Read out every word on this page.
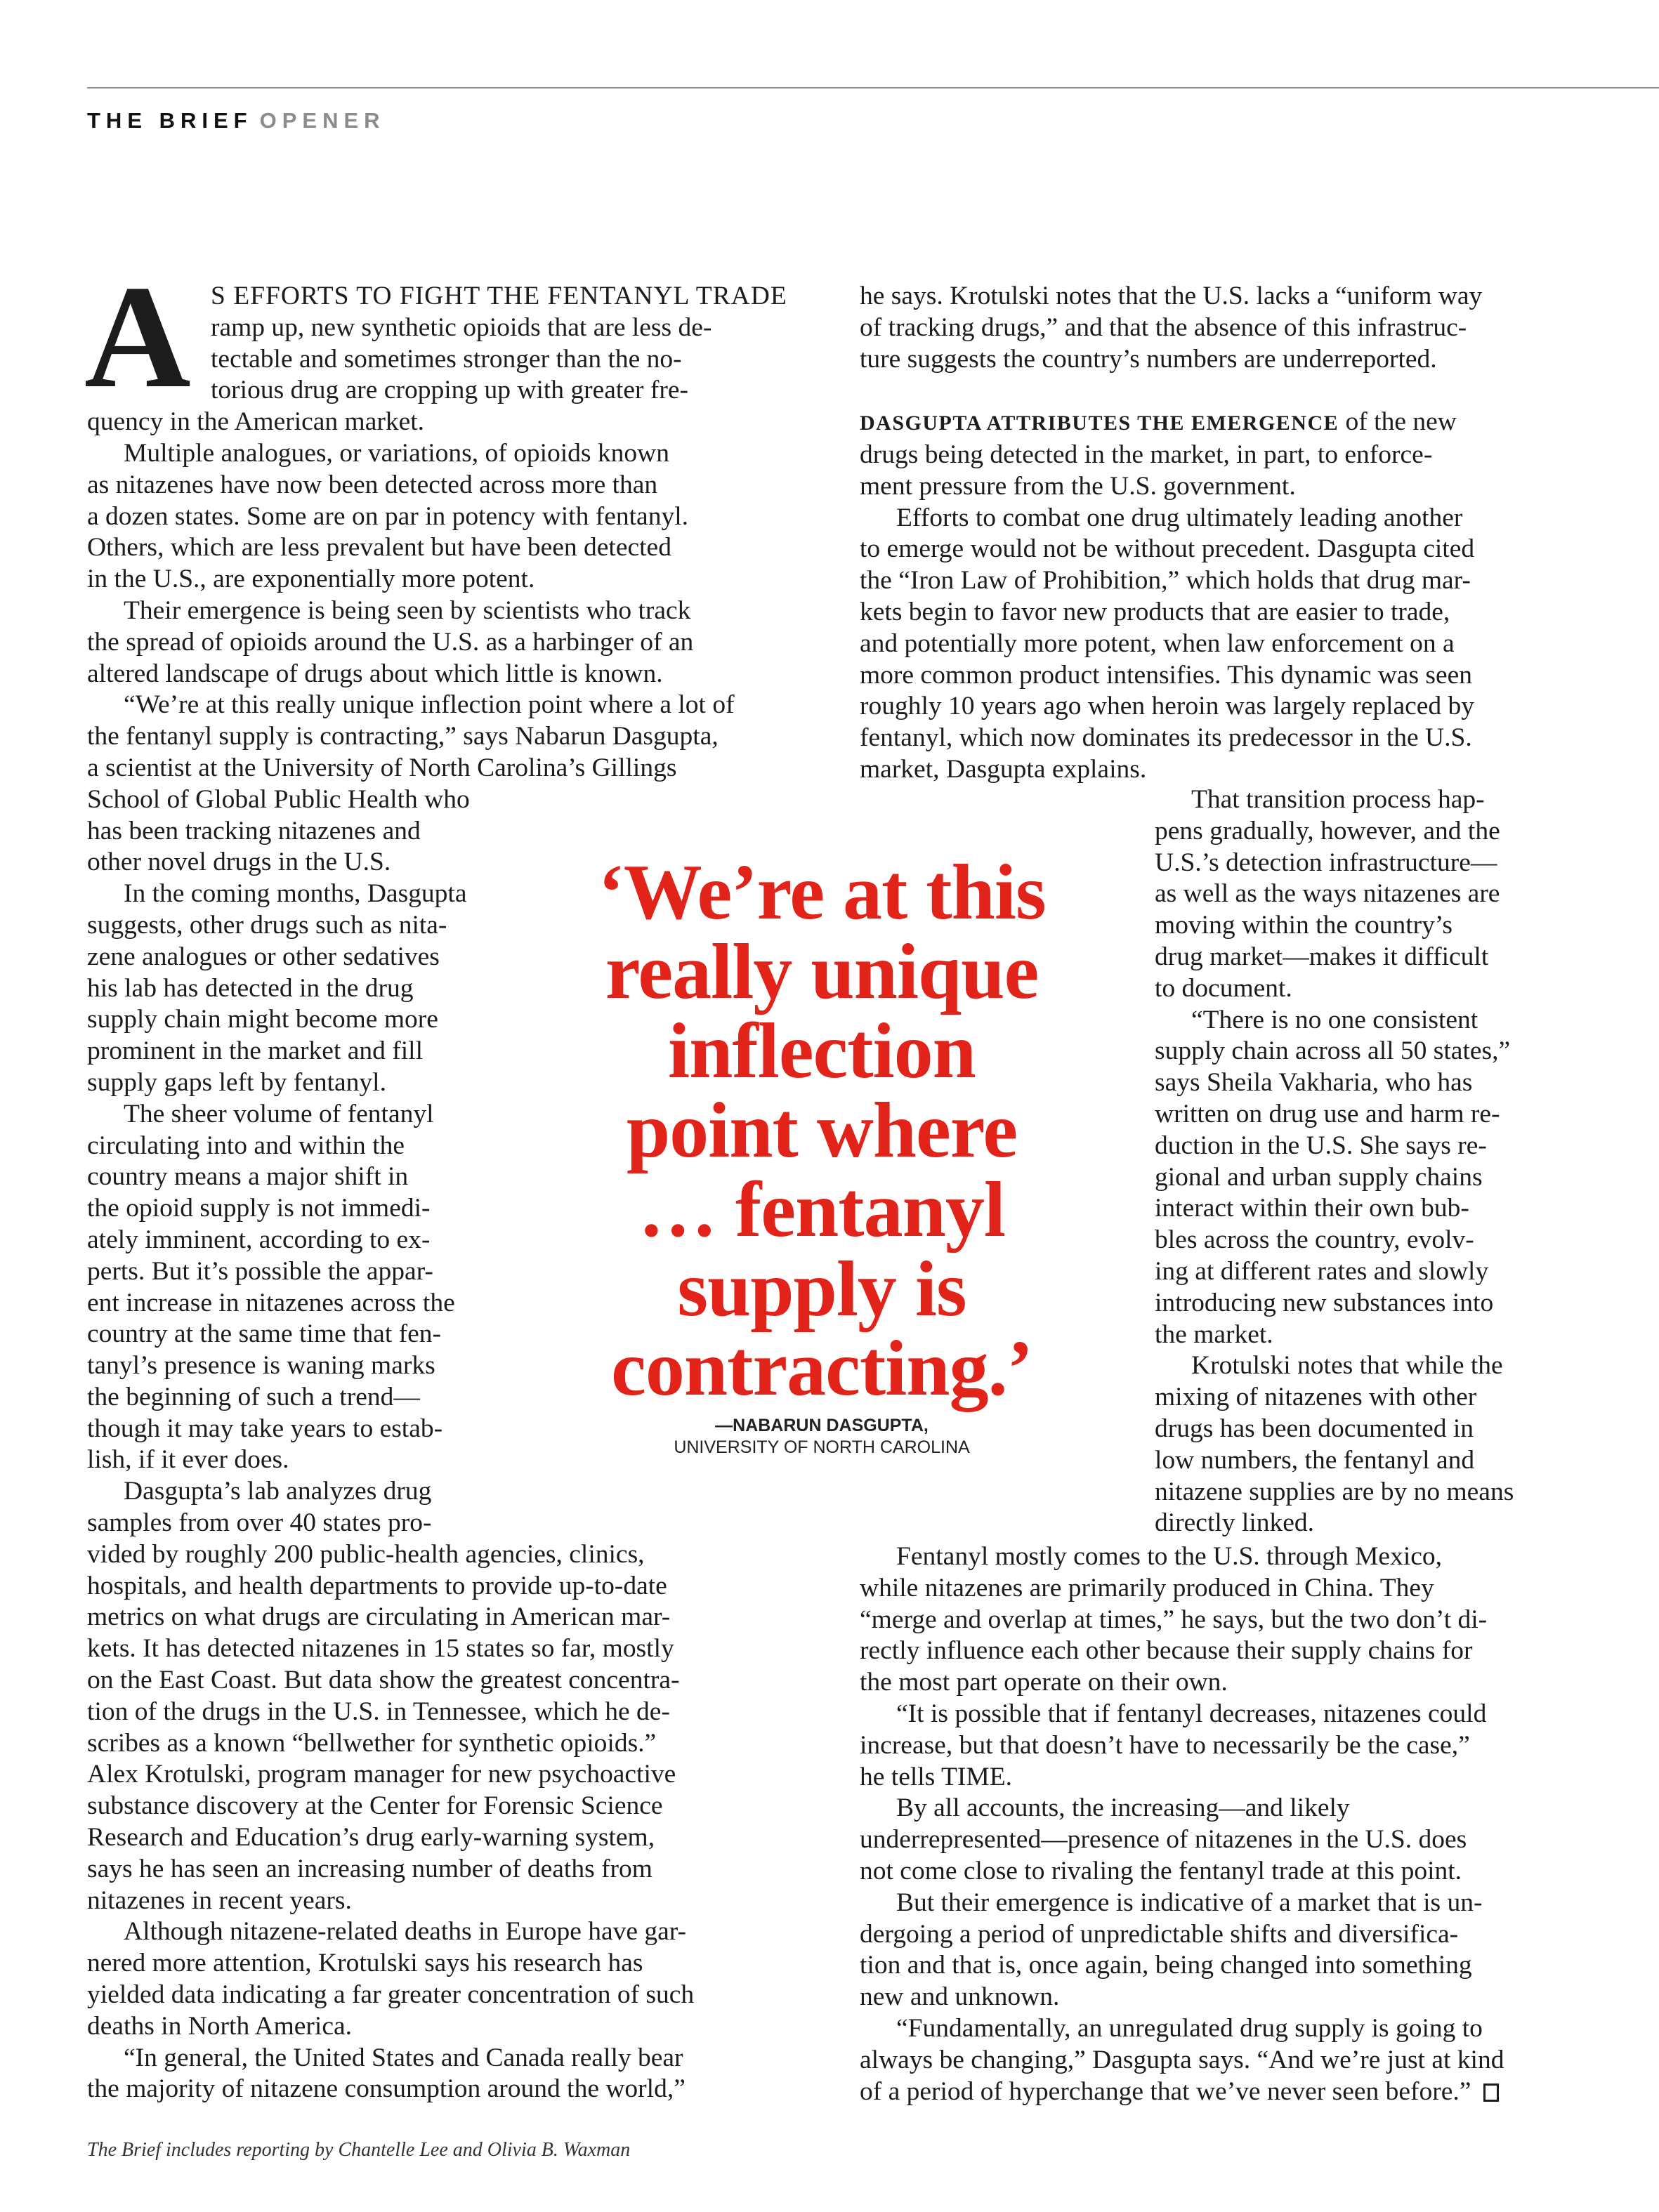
THE BRIEF OPENER
A S EFFORTS TO FIGHT THE FENTANYL TRADE
ramp up, new synthetic opioids that are less de-
tectable and sometimes stronger than the no-
torious drug are cropping up with greater fre-
quency in the American market.

Multiple analogues, or variations, of opioids known
as nitazenes have now been detected across more than
a dozen states. Some are on par in potency with fentanyl.
Others, which are less prevalent but have been detected
in the U.S., are exponentially more potent.

Their emergence is being seen by scientists who track
the spread of opioids around the U.S. as a harbinger of an
altered landscape of drugs about which little is known.

“We’re at this really unique inflection point where a lot of
the fentanyl supply is contracting,” says Nabarun Dasgupta,
a scientist at the University of North Carolina’s Gillings
School of Global Public Health who
has been tracking nitazenes and
other novel drugs in the U.S.

In the coming months, Dasgupta
suggests, other drugs such as nita-
zene analogues or other sedatives
his lab has detected in the drug
supply chain might become more
prominent in the market and fill
supply gaps left by fentanyl.

The sheer volume of fentanyl
circulating into and within the
country means a major shift in
the opioid supply is not immedi-
ately imminent, according to ex-
perts. But it’s possible the appar-
ent increase in nitazenes across the
country at the same time that fen-
tanyl’s presence is waning marks
the beginning of such a trend—
though it may take years to estab-
lish, if it ever does.

Dasgupta’s lab analyzes drug
samples from over 40 states pro-
vided by roughly 200 public-health agencies, clinics,
hospitals, and health departments to provide up-to-date
metrics on what drugs are circulating in American mar-
kets. It has detected nitazenes in 15 states so far, mostly
on the East Coast. But data show the greatest concentra-
tion of the drugs in the U.S. in Tennessee, which he de-
scribes as a known “bellwether for synthetic opioids.”
Alex Krotulski, program manager for new psychoactive
substance discovery at the Center for Forensic Science
Research and Education’s drug early-warning system,
says he has seen an increasing number of deaths from
nitazenes in recent years.

Although nitazene-related deaths in Europe have gar-
nered more attention, Krotulski says his research has
yielded data indicating a far greater concentration of such
deaths in North America.

“In general, the United States and Canada really bear
the majority of nitazene consumption around the world,”

he says. Krotulski notes that the U.S. lacks a “uniform way
of tracking drugs,” and that the absence of this infrastruc-
ture suggests the country’s numbers are underreported.

DASGUPTA ATTRIBUTES THE EMERGENCE of the new
drugs being detected in the market, in part, to enforce-
ment pressure from the U.S. government.

Efforts to combat one drug ultimately leading another
to emerge would not be without precedent. Dasgupta cited
the “Iron Law of Prohibition,” which holds that drug mar-
kets begin to favor new products that are easier to trade,
and potentially more potent, when law enforcement on a
more common product intensifies. This dynamic was seen
roughly 10 years ago when heroin was largely replaced by
fentanyl, which now dominates its predecessor in the U.S.
market, Dasgupta explains.

That transition process hap-
pens gradually, however, and the
U.S.’s detection infrastructure—
as well as the ways nitazenes are
moving within the country’s
drug market—makes it difficult
to document.

“There is no one consistent
supply chain across all 50 states,”
says Sheila Vakharia, who has
written on drug use and harm re-
duction in the U.S. She says re-
gional and urban supply chains
interact within their own bub-
bles across the country, evolv-
ing at different rates and slowly
introducing new substances into
the market.

Krotulski notes that while the
mixing of nitazenes with other
drugs has been documented in
low numbers, the fentanyl and
nitazene supplies are by no means
directly linked.

Fentanyl mostly comes to the U.S. through Mexico,
while nitazenes are primarily produced in China. They
“merge and overlap at times,” he says, but the two don’t di-
rectly influence each other because their supply chains for
the most part operate on their own.

“It is possible that if fentanyl decreases, nitazenes could
increase, but that doesn’t have to necessarily be the case,”
he tells TIME.

By all accounts, the increasing—and likely
underrepresented—presence of nitazenes in the U.S. does
not come close to rivaling the fentanyl trade at this point.

But their emergence is indicative of a market that is un-
dergoing a period of unpredictable shifts and diversifica-
tion and that is, once again, being changed into something
new and unknown.

“Fundamentally, an unregulated drug supply is going to
always be changing,” Dasgupta says. “And we’re just at kind
of a period of hyperchange that we’ve never seen before.”

‘We’re at this
really unique
inflection
point where
… fentanyl
supply is
contracting.’
—NABARUN DASGUPTA,
UNIVERSITY OF NORTH CAROLINA
The Brief includes reporting by Chantelle Lee and Olivia B. Waxman
